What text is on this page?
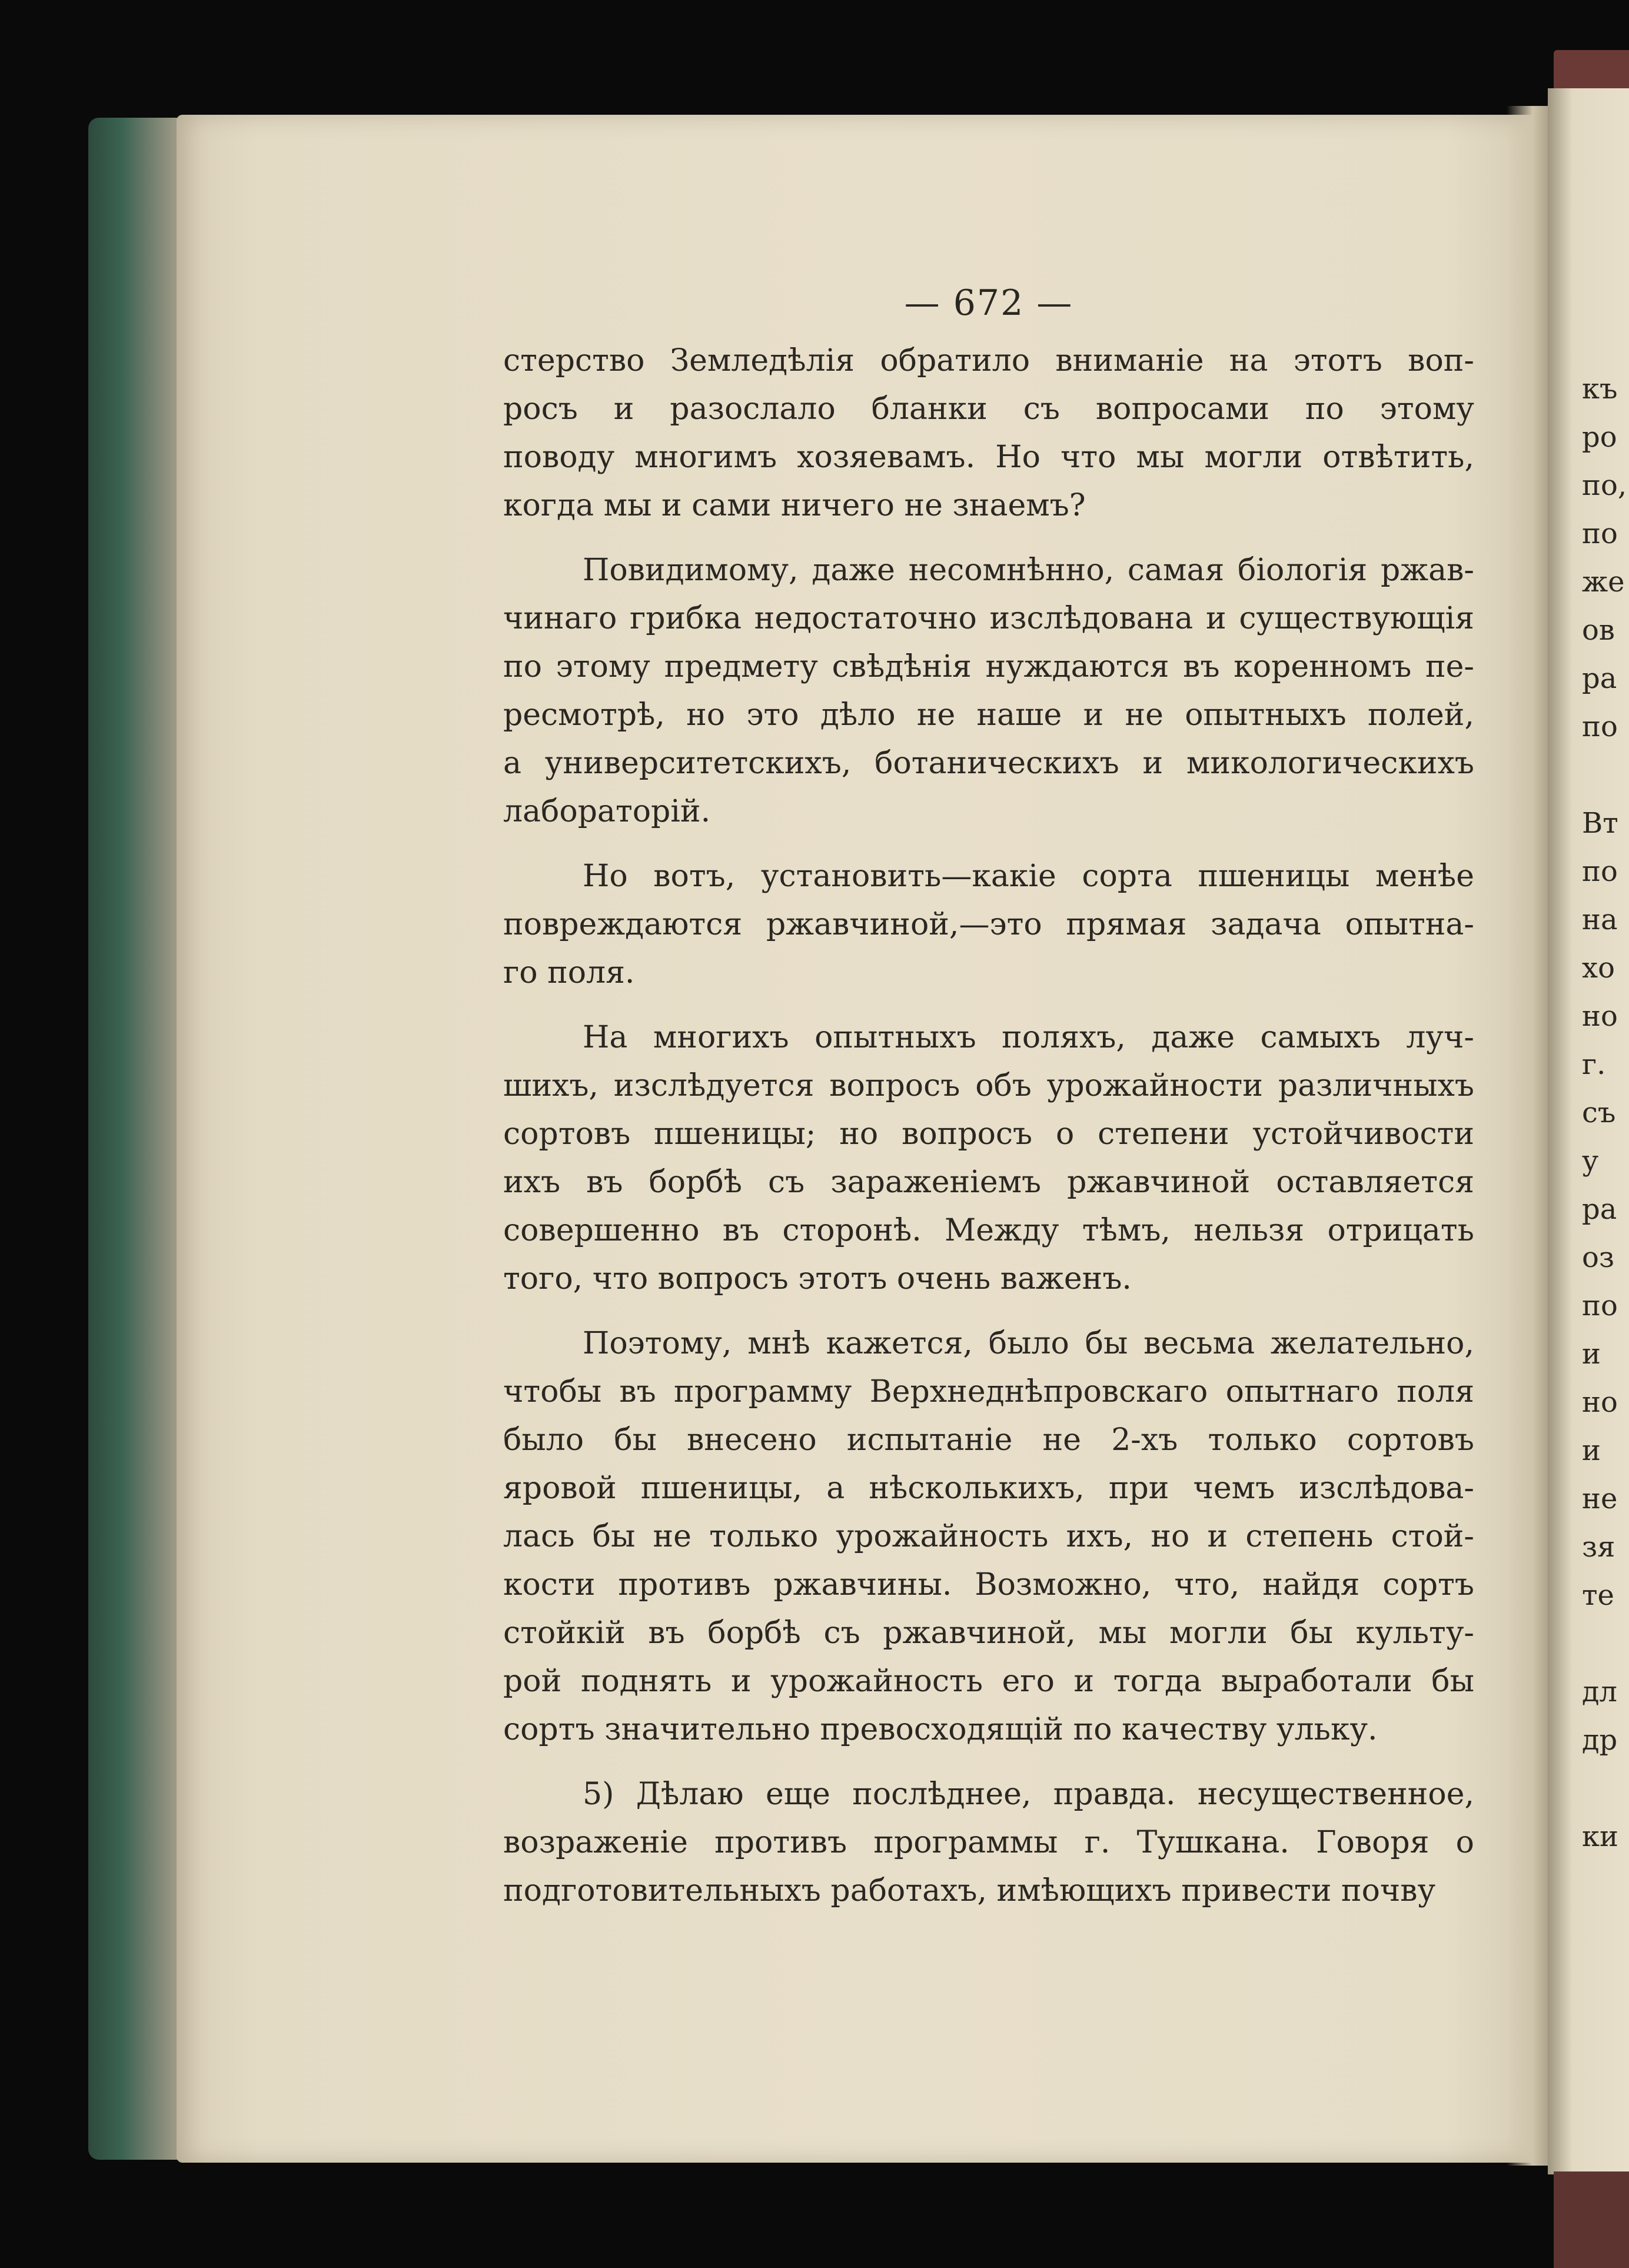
— 672 —

стерство Земледѣлія обратило вниманіе на этотъ вoп-
росъ и разослало бланки съ вопросами по этому
поводу многимъ хозяевамъ. Но что мы могли отвѣтить,
когда мы и сами ничего не знаемъ?

Повидимому, даже несомнѣнно, самая біологія ржав-
чинаго грибка недостаточно изслѣдована и существующія
по этому предмету свѣдѣнія нуждаются въ коренномъ пе-
ресмотрѣ, но это дѣло не наше и не опытныхъ полей,
а университетскихъ, ботаническихъ и микологическихъ
лабораторій.

Но вотъ, установить—какіе сорта пшеницы менѣе
повреждаются ржавчиной,—это прямая задача опытна-
го поля.

На многихъ опытныхъ поляхъ, даже самыхъ луч-
шихъ, изслѣдуется вопросъ объ урожайности различныхъ
сортовъ пшеницы; но вопросъ о степени устойчивости
ихъ въ борбѣ съ зараженіемъ ржавчиной оставляется
совершенно въ сторонѣ. Между тѣмъ, нельзя отрицать
того, что вопросъ этотъ очень важенъ.

Поэтому, мнѣ кажется, было бы весьма желательно,
чтобы въ программу Верхнеднѣпровскаго опытнаго поля
было бы внесено испытаніе не 2-хъ только сортовъ
яровой пшеницы, а нѣсколькихъ, при чемъ изслѣдова-
лась бы не только урожайность ихъ, но и степень стой-
кости противъ ржавчины. Возможно, что, найдя сортъ
стойкій въ борбѣ съ ржавчиной, мы могли бы культу-
рой поднять и урожайность его и тогда выработали бы
сортъ значительно превосходящій по качеству ульку.

5) Дѣлаю еще послѣднее, правда. несущественное,
возраженіе противъ программы г. Тушкана. Говоря о
подготовительныхъ работахъ, имѣющихъ привести почву

къ
ро
по,
по
же
ов
ра
по
Вт
по
на
хо
но
г.
съ
у
ра
оз
по
и
но
и
не
зя
те
дл
др
ки
